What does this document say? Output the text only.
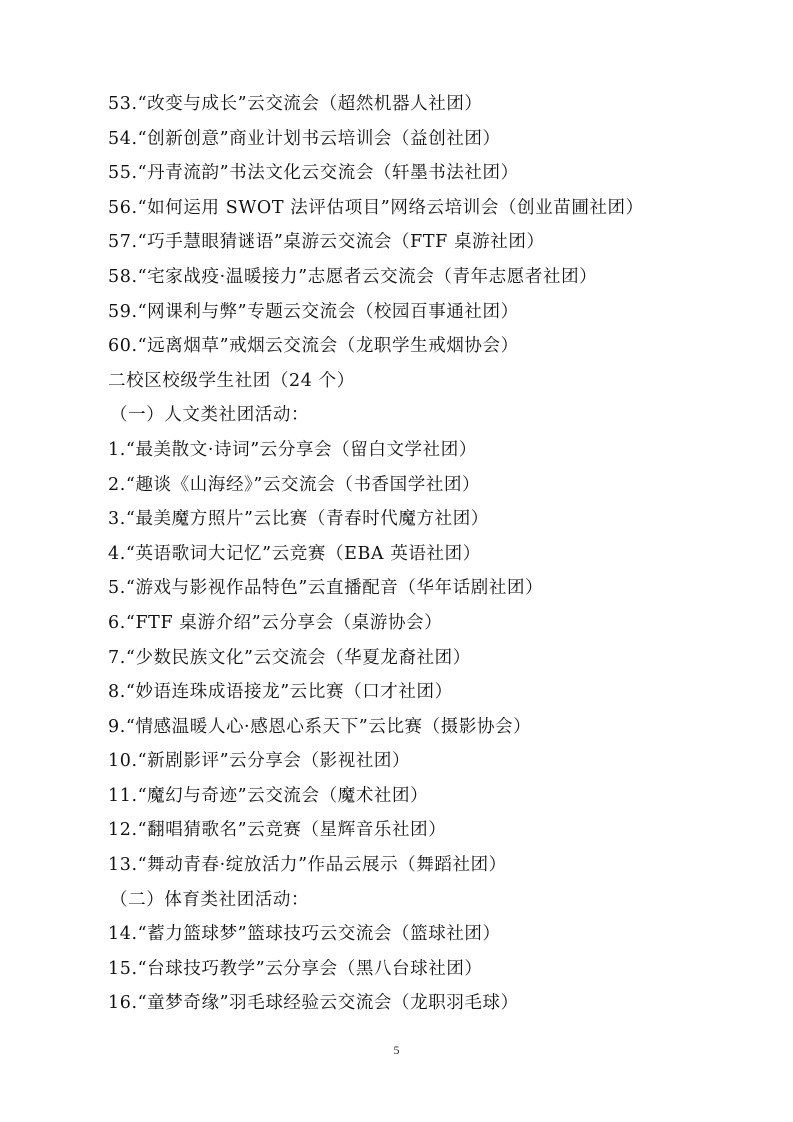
53.“改变与成长”云交流会（超然机器人社团）
54.“创新创意”商业计划书云培训会（益创社团）
55.“丹青流韵”书法文化云交流会（轩墨书法社团）
56.“如何运用 SWOT 法评估项目”网络云培训会（创业苗圃社团）
57.“巧手慧眼猜谜语”桌游云交流会（FTF 桌游社团）
58.“宅家战疫·温暖接力”志愿者云交流会（青年志愿者社团）
59.“网课利与弊”专题云交流会（校园百事通社团）
60.“远离烟草”戒烟云交流会（龙职学生戒烟协会）
二校区校级学生社团（24 个）
（一）人文类社团活动：
1.“最美散文·诗词”云分享会（留白文学社团）
2.“趣谈《山海经》”云交流会（书香国学社团）
3.“最美魔方照片”云比赛（青春时代魔方社团）
4.“英语歌词大记忆”云竞赛（EBA 英语社团）
5.“游戏与影视作品特色”云直播配音（华年话剧社团）
6.“FTF 桌游介绍”云分享会（桌游协会）
7.“少数民族文化”云交流会（华夏龙裔社团）
8.“妙语连珠成语接龙”云比赛（口才社团）
9.“情感温暖人心·感恩心系天下”云比赛（摄影协会）
10.“新剧影评”云分享会（影视社团）
11.“魔幻与奇迹”云交流会（魔术社团）
12.“翻唱猜歌名”云竞赛（星辉音乐社团）
13.“舞动青春·绽放活力”作品云展示（舞蹈社团）
（二）体育类社团活动：
14.“蓄力篮球梦”篮球技巧云交流会（篮球社团）
15.“台球技巧教学”云分享会（黑八台球社团）
16.“童梦奇缘”羽毛球经验云交流会（龙职羽毛球）
5
